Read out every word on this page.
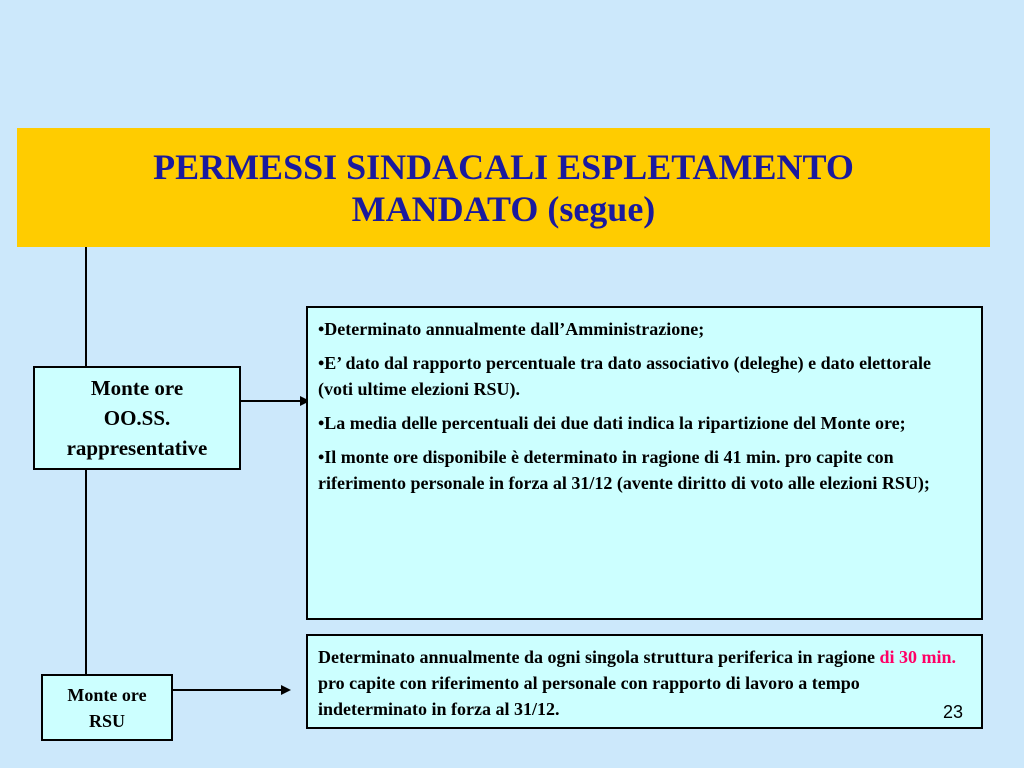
PERMESSI SINDACALI ESPLETAMENTO
MANDATO (segue)
Monte ore
OO.SS.
rappresentative
Monte ore
RSU
•Determinato annualmente dall’Amministrazione;
•E’ dato dal rapporto percentuale tra dato associativo (deleghe) e dato elettorale (voti ultime elezioni RSU).
•La media delle percentuali dei due dati indica la ripartizione del Monte ore;
•Il monte ore disponibile è determinato in ragione di 41 min. pro capite con riferimento personale in forza al 31/12 (avente diritto di voto alle elezioni RSU);
Determinato annualmente da ogni singola struttura periferica in ragione di 30 min. pro capite con riferimento al personale con rapporto di lavoro a tempo indeterminato in forza al 31/12.	23
